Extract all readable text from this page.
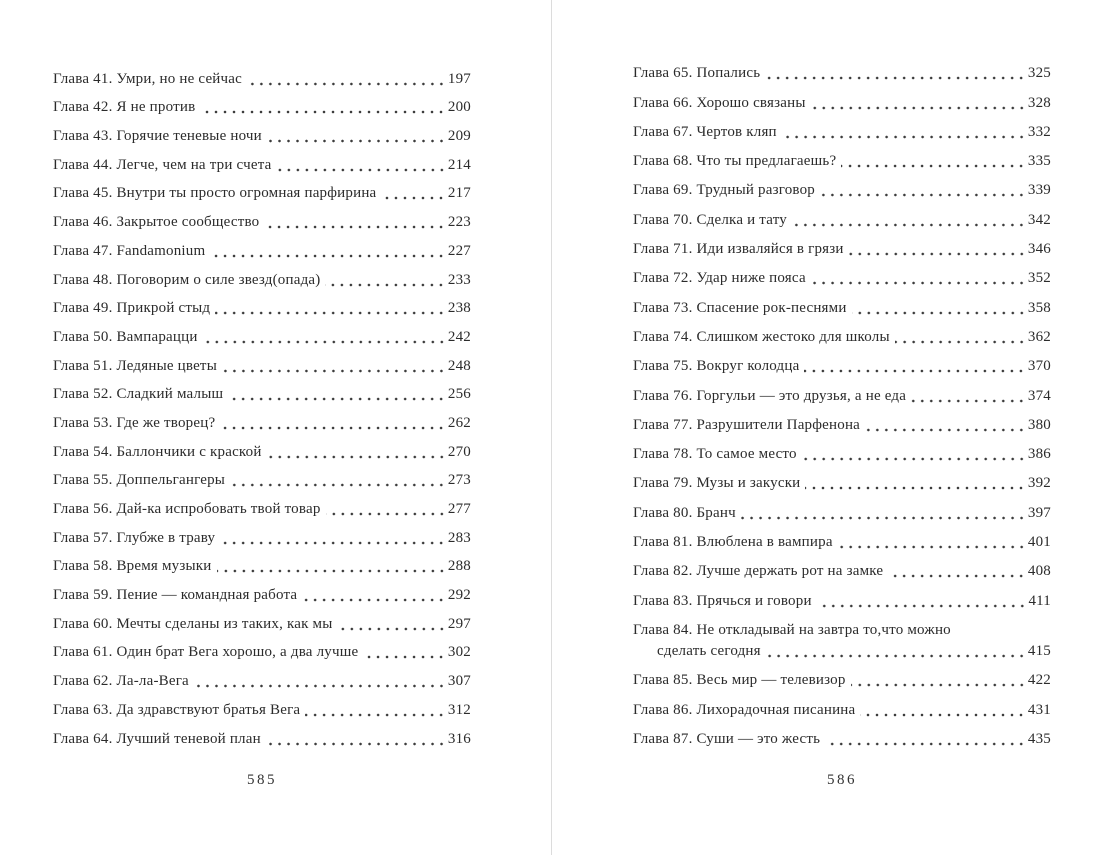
Глава 41. Умри, но не сейчас	197
Глава 42. Я не против	200
Глава 43. Горячие теневые ночи	209
Глава 44. Легче, чем на три счета	214
Глава 45. Внутри ты просто огромная парфирина	217
Глава 46. Закрытое сообщество	223
Глава 47. Fandamonium	227
Глава 48. Поговорим о силе звезд(опада)	233
Глава 49. Прикрой стыд	238
Глава 50. Вампарацци	242
Глава 51. Ледяные цветы	248
Глава 52. Сладкий малыш	256
Глава 53. Где же творец?	262
Глава 54. Баллончики с краской	270
Глава 55. Доппельгангеры	273
Глава 56. Дай-ка испробовать твой товар	277
Глава 57. Глубже в траву	283
Глава 58. Время музыки	288
Глава 59. Пение — командная работа	292
Глава 60. Мечты сделаны из таких, как мы	297
Глава 61. Один брат Вега хорошо, а два лучше	302
Глава 62. Ла-ла-Вега	307
Глава 63. Да здравствуют братья Вега	312
Глава 64. Лучший теневой план	316
585
Глава 65. Попались	325
Глава 66. Хорошо связаны	328
Глава 67. Чертов кляп	332
Глава 68. Что ты предлагаешь?	335
Глава 69. Трудный разговор	339
Глава 70. Сделка и тату	342
Глава 71. Иди изваляйся в грязи	346
Глава 72. Удар ниже пояса	352
Глава 73. Спасение рок-песнями	358
Глава 74. Слишком жестоко для школы	362
Глава 75. Вокруг колодца	370
Глава 76. Горгульи — это друзья, а не еда	374
Глава 77. Разрушители Парфенона	380
Глава 78. То самое место	386
Глава 79. Музы и закуски	392
Глава 80. Бранч	397
Глава 81. Влюблена в вампира	401
Глава 82. Лучше держать рот на замке	408
Глава 83. Прячься и говори	411
Глава 84. Не откладывай на завтра то,что можно
сделать сегодня	415
Глава 85. Весь мир — телевизор	422
Глава 86. Лихорадочная писанина	431
Глава 87. Суши — это жесть	435
586
